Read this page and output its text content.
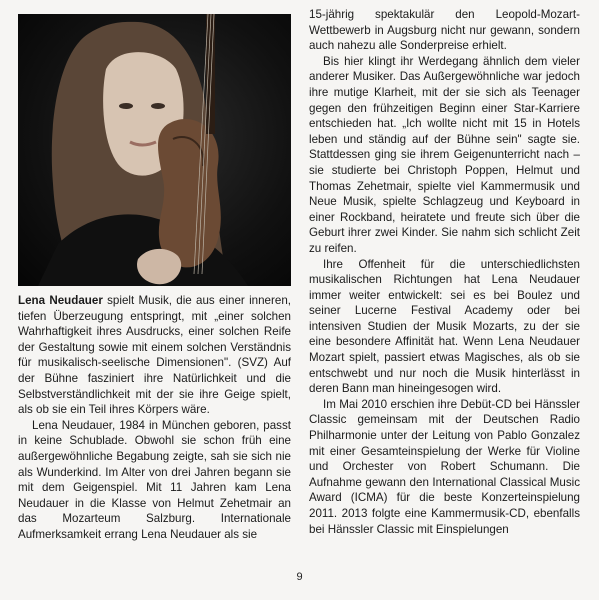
Lena Neudauer spielt Musik, die aus einer inneren, tiefen Überzeugung entspringt, mit „einer solchen Wahrhaftigkeit ihres Ausdrucks, einer solchen Reife der Gestaltung sowie mit einem solchen Verständnis für musikalisch-seelische Dimensionen". (SVZ) Auf der Bühne fasziniert ihre Natürlichkeit und die Selbstverständlichkeit mit der sie ihre Geige spielt, als ob sie ein Teil ihres Körpers wäre.

Lena Neudauer, 1984 in München geboren, passt in keine Schublade. Obwohl sie schon früh eine außergewöhnliche Begabung zeigte, sah sie sich nie als Wunderkind. Im Alter von drei Jahren begann sie mit dem Geigenspiel. Mit 11 Jahren kam Lena Neudauer in die Klasse von Helmut Zehetmair an das Mozarteum Salzburg. Internationale Aufmerksamkeit errang Lena Neudauer als sie

15-jährig spektakulär den Leopold-Mozart-Wettbewerb in Augsburg nicht nur gewann, sondern auch nahezu alle Sonderpreise erhielt.

Bis hier klingt ihr Werdegang ähnlich dem vieler anderer Musiker. Das Außergewöhnliche war jedoch ihre mutige Klarheit, mit der sie sich als Teenager gegen den frühzeitigen Beginn einer Star-Karriere entschieden hat. „Ich wollte nicht mit 15 in Hotels leben und ständig auf der Bühne sein" sagte sie. Stattdessen ging sie ihrem Geigenunterricht nach – sie studierte bei Christoph Poppen, Helmut und Thomas Zehetmair, spielte viel Kammermusik und Neue Musik, spielte Schlagzeug und Keyboard in einer Rockband, heiratete und freute sich über die Geburt ihrer zwei Kinder. Sie nahm sich schlicht Zeit zu reifen.

Ihre Offenheit für die unterschiedlichsten musikalischen Richtungen hat Lena Neudauer immer weiter entwickelt: sei es bei Boulez und seiner Lucerne Festival Academy oder bei intensiven Studien der Musik Mozarts, zu der sie eine besondere Affinität hat. Wenn Lena Neudauer Mozart spielt, passiert etwas Magisches, als ob sie entschwebt und nur noch die Musik hinterlässt in deren Bann man hineingesogen wird.

Im Mai 2010 erschien ihre Debüt-CD bei Hänssler Classic gemeinsam mit der Deutschen Radio Philharmonie unter der Leitung von Pablo Gonzalez mit einer Gesamteinspielung der Werke für Violine und Orchester von Robert Schumann. Die Aufnahme gewann den International Classical Music Award (ICMA) für die beste Konzerteinspielung 2011. 2013 folgte eine Kammermusik-CD, ebenfalls bei Hänssler Classic mit Einspielungen

9
